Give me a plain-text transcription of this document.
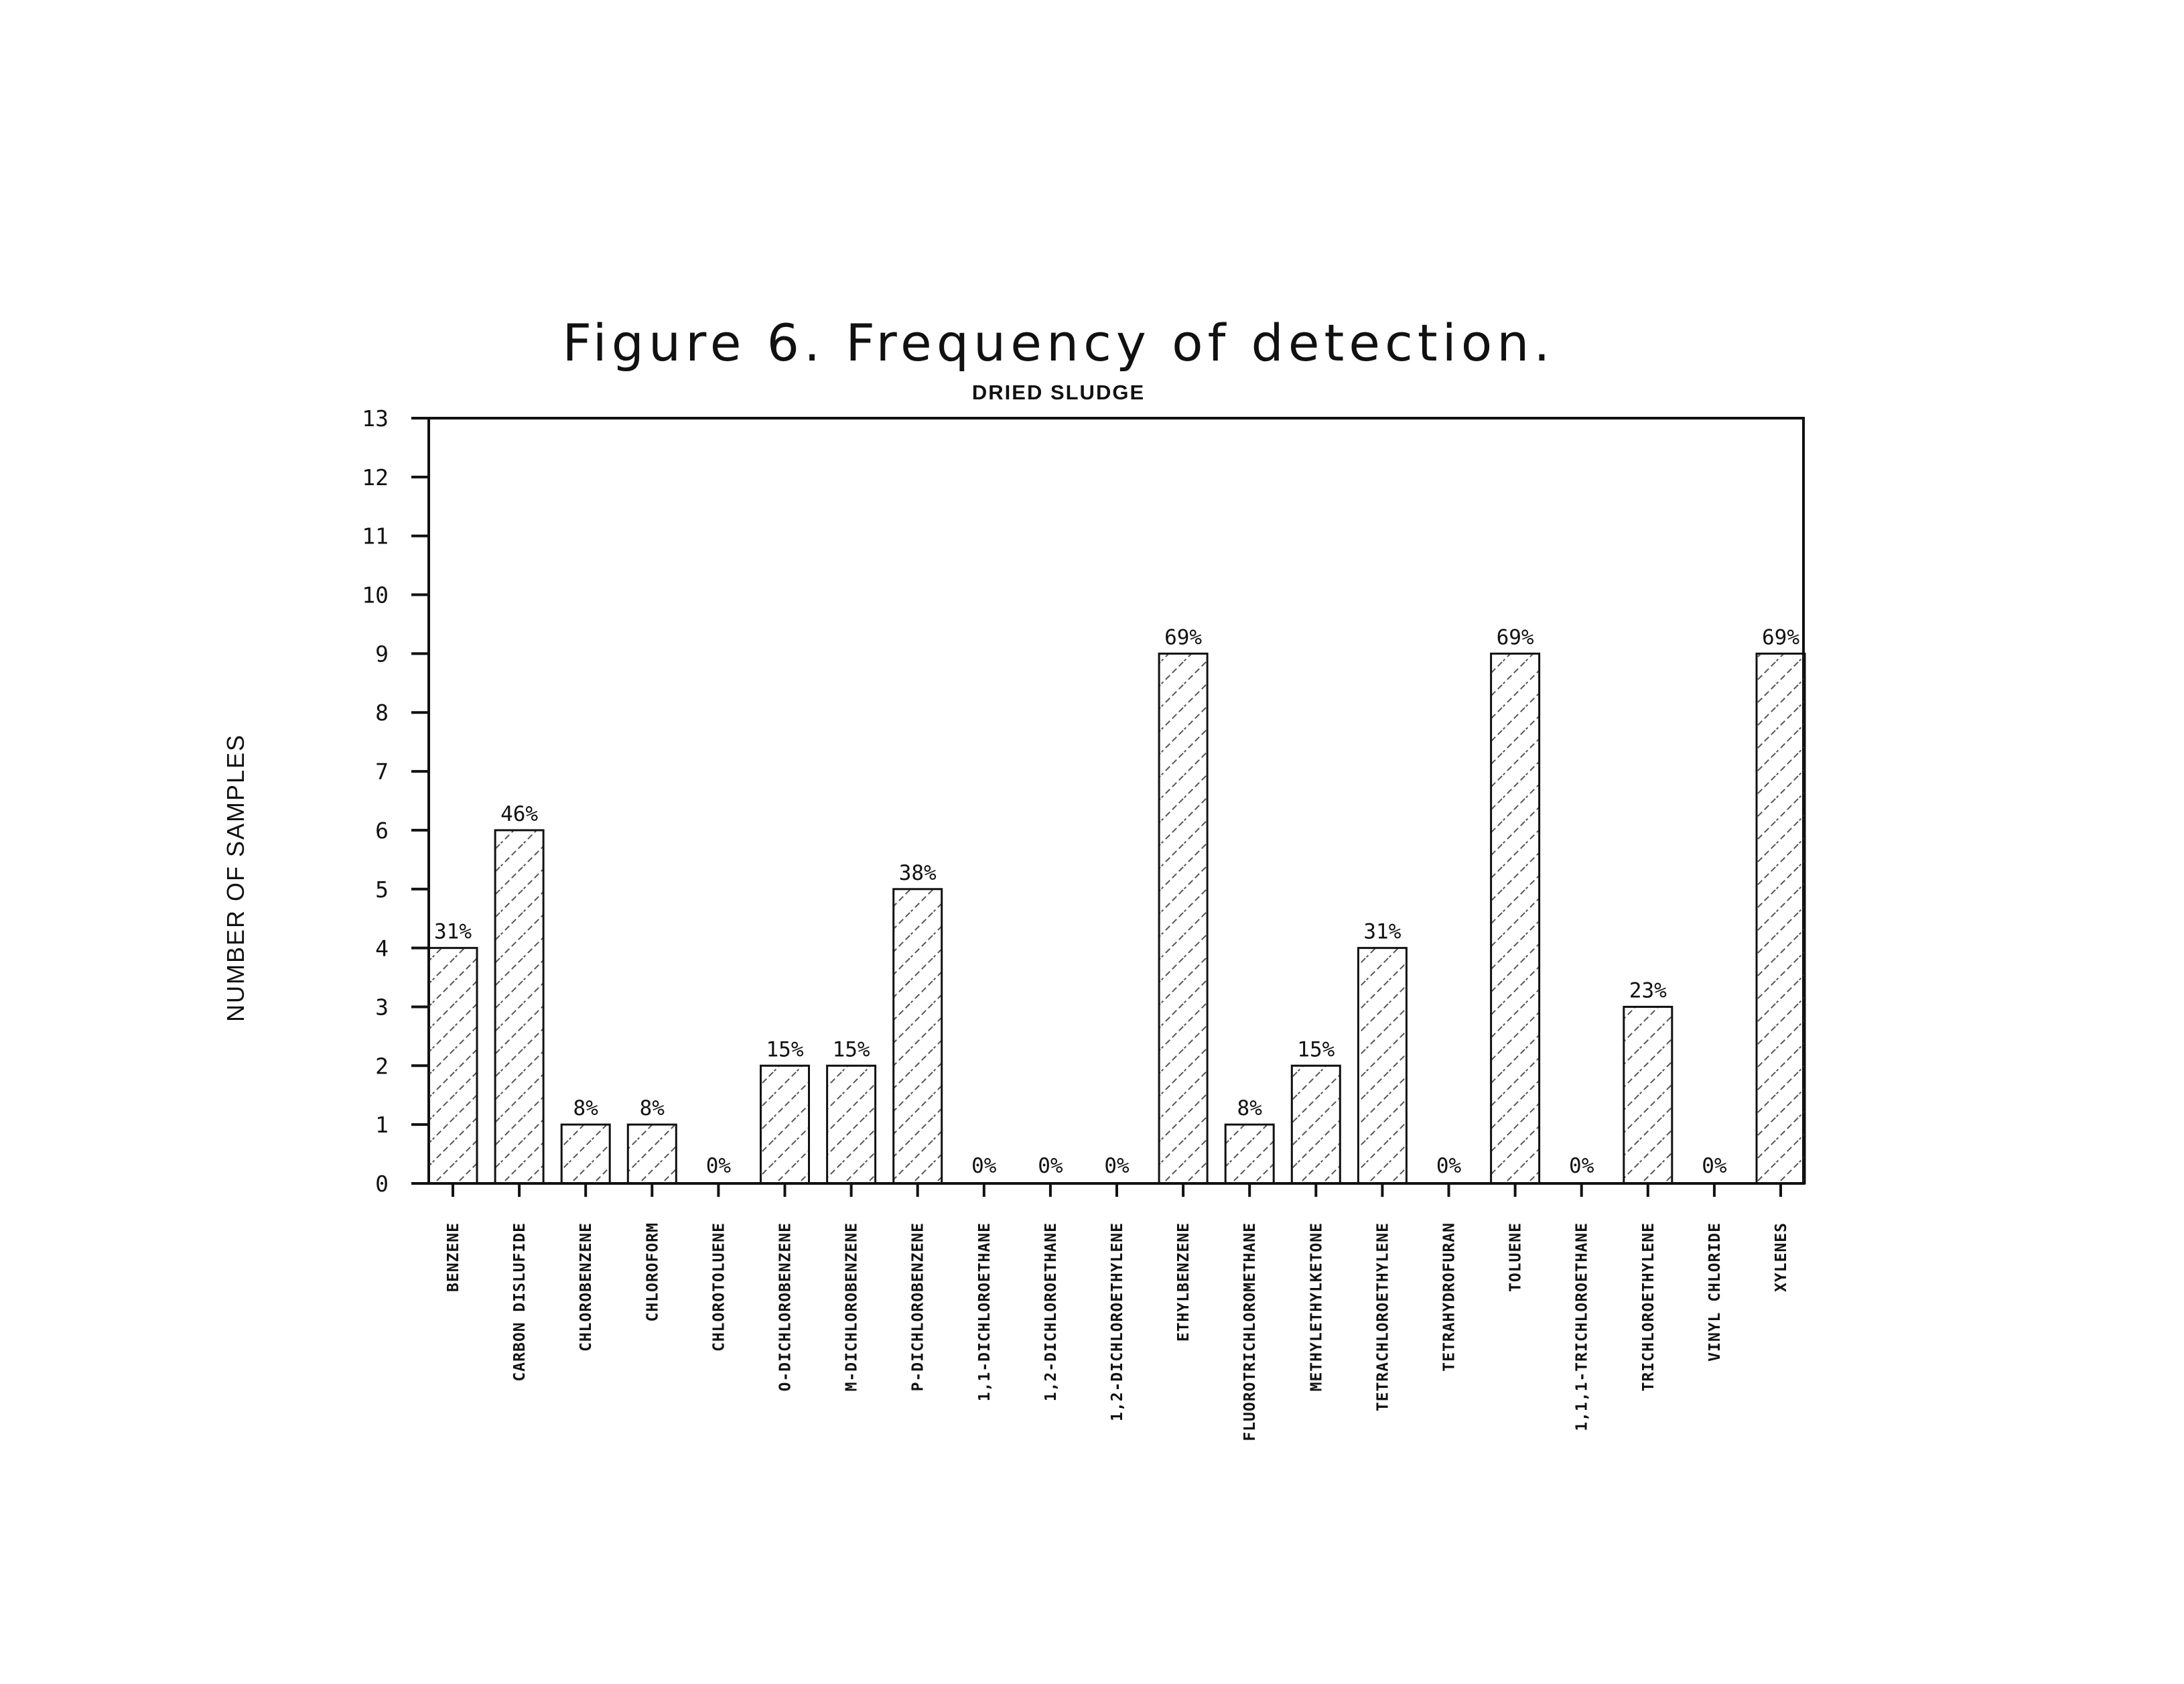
Figure 6. Frequency of detection.
DRIED SLUDGE
NUMBER OF SAMPLES
0
1
2
3
4
5
6
7
8
9
10
11
12
13
BENZENE	CARBON DISLUFIDE	CHLOROBENZENE	CHLOROFORM	CHLOROTOLUENE	O-DICHLOROBENZENE	M-DICHLOROBENZENE	P-DICHLOROBENZENE	1,1-DICHLOROETHANE	1,2-DICHLOROETHANE	1,2-DICHLOROETHYLENE	ETHYLBENZENE	FLUOROTRICHLOROMETHANE	METHYLETHYLKETONE	TETRACHLOROETHYLENE	TETRAHYDROFURAN	TOLUENE	1,1,1-TRICHLOROETHANE	TRICHLOROETHYLENE	VINYL CHLORIDE	XYLENES
31%
46%
8% 8%
0%
15% 15%
38%
0% 0% 0%
69%
8%
15%
31%
0%
69%
0%
23%
0%
69%
